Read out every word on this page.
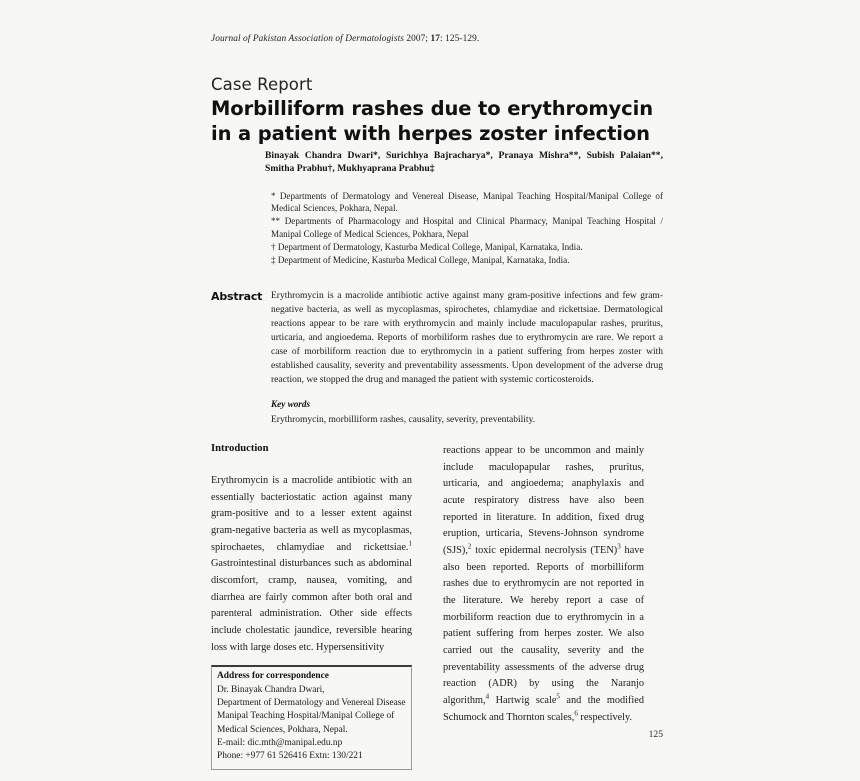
Journal of Pakistan Association of Dermatologists 2007; 17: 125-129.
Case Report
Morbilliform rashes due to erythromycin in a patient with herpes zoster infection
Binayak Chandra Dwari*, Surichhya Bajracharya*, Pranaya Mishra**, Subish Palaian**, Smitha Prabhu†, Mukhyaprana Prabhu‡
* Departments of Dermatology and Venereal Disease, Manipal Teaching Hospital/Manipal College of Medical Sciences, Pokhara, Nepal.
** Departments of Pharmacology and Hospital and Clinical Pharmacy, Manipal Teaching Hospital / Manipal College of Medical Sciences, Pokhara, Nepal
† Department of Dermatology, Kasturba Medical College, Manipal, Karnataka, India.
‡ Department of Medicine, Kasturba Medical College, Manipal, Karnataka, India.
Abstract Erythromycin is a macrolide antibiotic active against many gram-positive infections and few gram-negative bacteria, as well as mycoplasmas, spirochetes, chlamydiae and rickettsiae. Dermatological reactions appear to be rare with erythromycin and mainly include maculopapular rashes, pruritus, urticaria, and angioedema. Reports of morbiliform rashes due to erythromycin are rare. We report a case of morbiliform reaction due to erythromycin in a patient suffering from herpes zoster with established causality, severity and preventability assessments. Upon development of the adverse drug reaction, we stopped the drug and managed the patient with systemic corticosteroids.
Key words
Erythromycin, morbilliform rashes, causality, severity, preventability.
Introduction
Erythromycin is a macrolide antibiotic with an essentially bacteriostatic action against many gram-positive and to a lesser extent against gram-negative bacteria as well as mycoplasmas, spirochaetes, chlamydiae and rickettsiae.$^1$ Gastrointestinal disturbances such as abdominal discomfort, cramp, nausea, vomiting, and diarrhea are fairly common after both oral and parenteral administration. Other side effects include cholestatic jaundice, reversible hearing loss with large doses etc. Hypersensitivity
Address for correspondence
Dr. Binayak Chandra Dwari,
Department of Dermatology and Venereal Disease
Manipal Teaching Hospital/Manipal College of Medical Sciences, Pokhara, Nepal.
E-mail: dic.mth@manipal.edu.np
Phone: +977 61 526416 Extn: 130/221
reactions appear to be uncommon and mainly include maculopapular rashes, pruritus, urticaria, and angioedema; anaphylaxis and acute respiratory distress have also been reported in literature. In addition, fixed drug eruption, urticaria, Stevens-Johnson syndrome (SJS),$^2$ toxic epidermal necrolysis (TEN)$^3$ have also been reported. Reports of morbilliform rashes due to erythromycin are not reported in the literature. We hereby report a case of morbiliform reaction due to erythromycin in a patient suffering from herpes zoster. We also carried out the causality, severity and the preventability assessments of the adverse drug reaction (ADR) by using the Naranjo algorithm,$^4$ Hartwig scale$^5$ and the modified Schumock and Thornton scales,$^6$ respectively.
125
